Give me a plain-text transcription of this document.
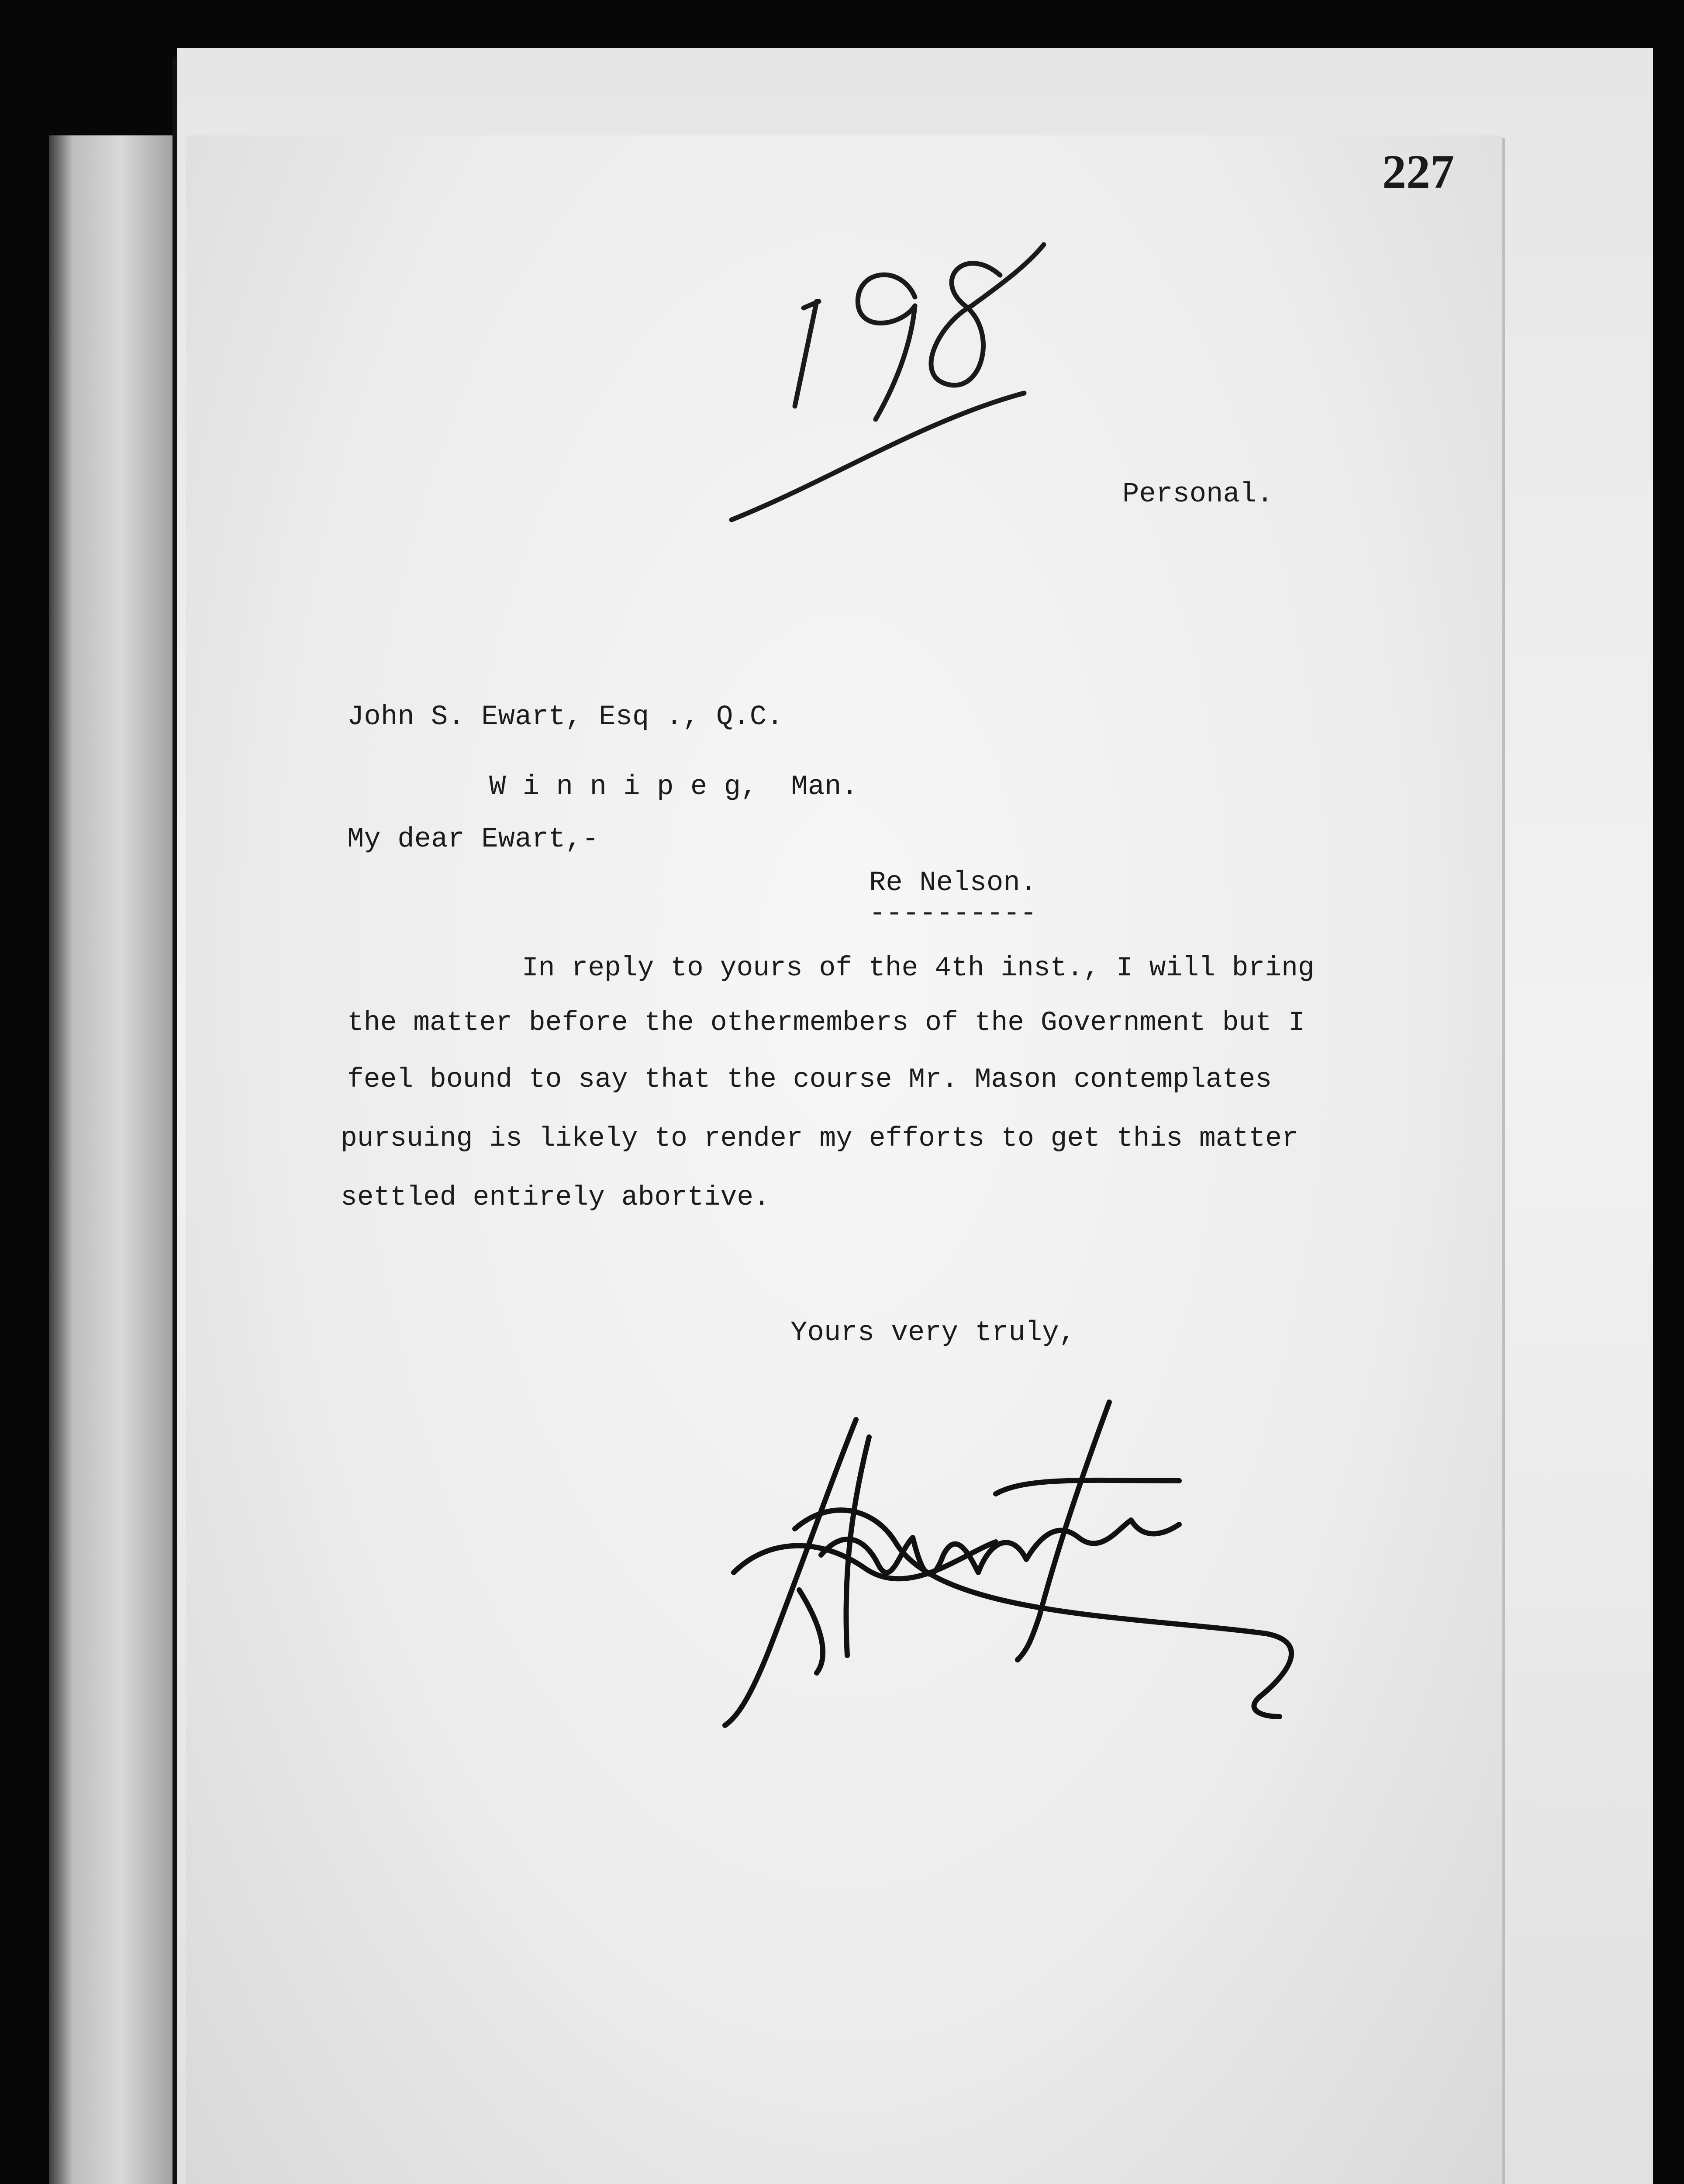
227

Personal.

John S. Ewart, Esq ., Q.C.

W i n n i p e g,  Man.

My dear Ewart,-

Re Nelson.

----------

In reply to yours of the 4th inst., I will bring

the matter before the othermembers of the Government but I

feel bound to say that the course Mr. Mason contemplates

pursuing is likely to render my efforts to get this matter

settled entirely abortive.

Yours very truly,
